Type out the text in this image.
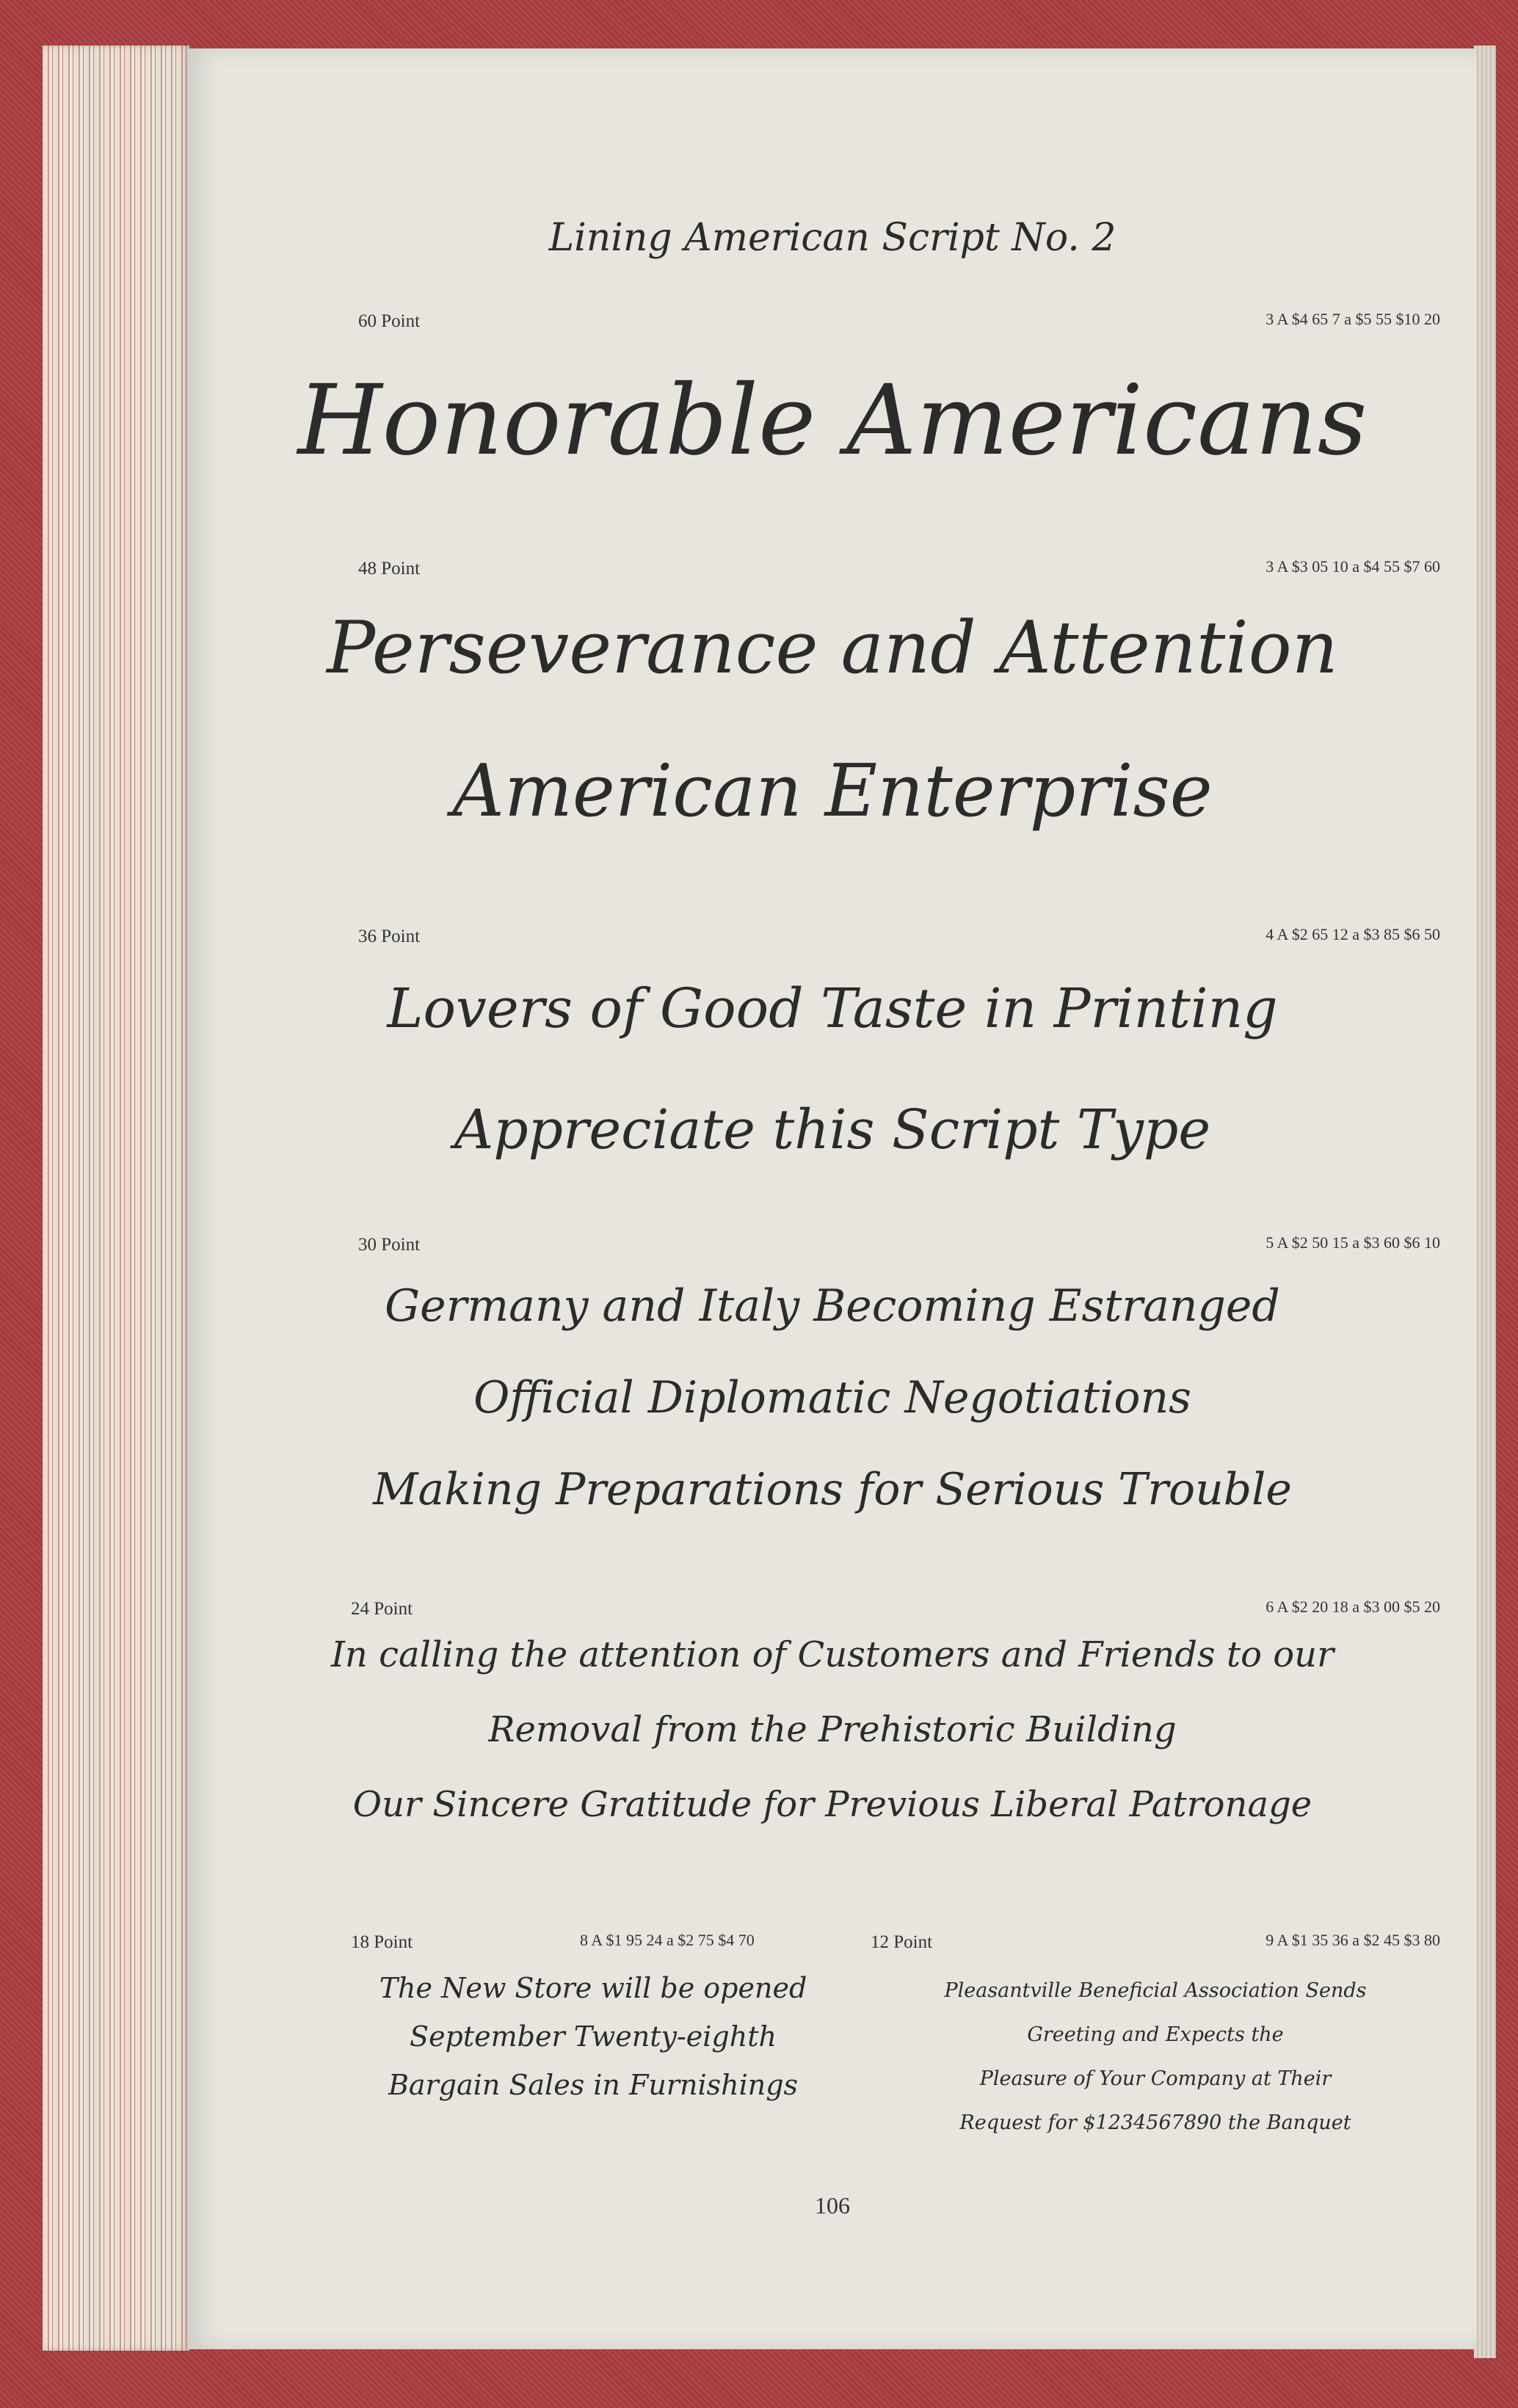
Lining American Script No. 2
60 Point	3 A $4 65 7 a $5 55 $10 20
Honorable Americans
48 Point	3 A $3 05 10 a $4 55 $7 60
Perseverance and Attention
American Enterprise
36 Point	4 A $2 65 12 a $3 85 $6 50
Lovers of Good Taste in Printing
Appreciate this Script Type
30 Point	5 A $2 50 15 a $3 60 $6 10
Germany and Italy Becoming Estranged
Official Diplomatic Negotiations
Making Preparations for Serious Trouble
24 Point	6 A $2 20 18 a $3 00 $5 20
In calling the attention of Customers and Friends to our
Removal from the Prehistoric Building
Our Sincere Gratitude for Previous Liberal Patronage
18 Point	8 A $1 95 24 a $2 75 $4 70
The New Store will be opened
September Twenty-eighth
Bargain Sales in Furnishings
12 Point	9 A $1 35 36 a $2 45 $3 80
Pleasantville Beneficial Association Sends
Greeting and Expects the
Pleasure of Your Company at Their
Request for $1234567890 the Banquet
106
